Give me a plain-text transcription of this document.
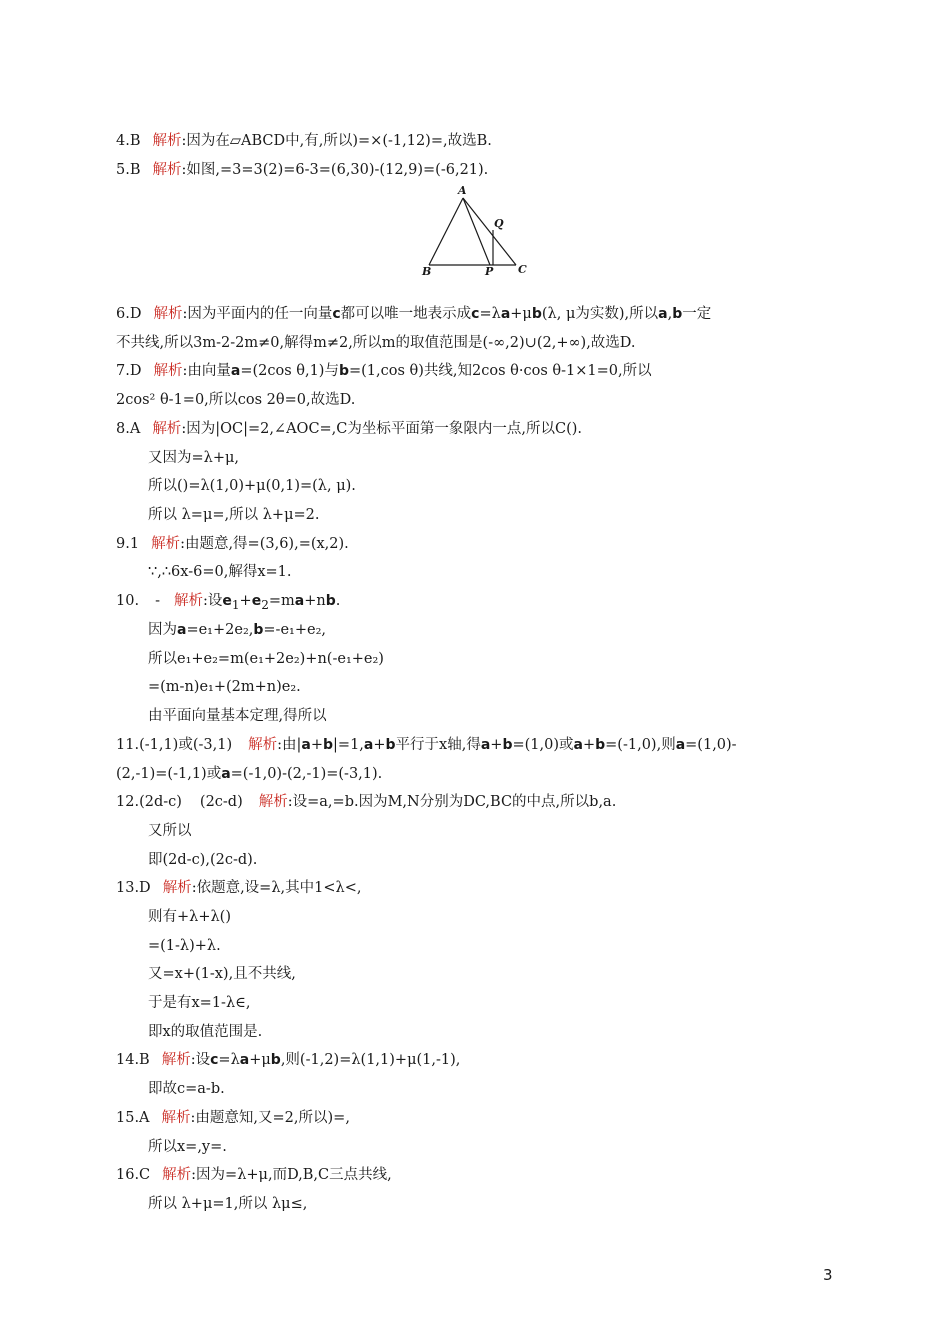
4.B 解析:因为在▱ABCD中,有,所以)=×(-1,12)=,故选B.
5.B 解析:如图,=3=3(2)=6-3=(6,30)-(12,9)=(-6,21).
A
B	C
P
Q
6.D 解析:因为平面内的任一向量c都可以唯一地表示成c=λa+μb(λ, μ为实数),所以a,b一定
不共线,所以3m-2-2m≠0,解得m≠2,所以m的取值范围是(-∞,2)∪(2,+∞),故选D.
7.D 解析:由向量a=(2cos θ,1)与b=(1,cos θ)共线,知2cos θ·cos θ-1×1=0,所以
2cos² θ-1=0,所以cos 2θ=0,故选D.
8.A 解析:因为|OC|=2,∠AOC=,C为坐标平面第一象限内一点,所以C().
又因为=λ+μ,
所以()=λ(1,0)+μ(0,1)=(λ, μ).
所以 λ=μ=,所以 λ+μ=2.
9.1 解析:由题意,得=(3,6),=(x,2).
∵,∴6x-6=0,解得x=1.
10. - 解析:设$e_1+e_2=ma+nb$.
因为a=e₁+2e₂,b=-e₁+e₂,
所以e₁+e₂=m(e₁+2e₂)+n(-e₁+e₂)
=(m-n)e₁+(2m+n)e₂.
由平面向量基本定理,得所以
11.(-1,1)或(-3,1) 解析:由|a+b|=1,a+b平行于x轴,得a+b=(1,0)或a+b=(-1,0),则a=(1,0)-
(2,-1)=(-1,1)或a=(-1,0)-(2,-1)=(-3,1).
12.(2d-c) (2c-d) 解析:设=a,=b.因为M,N分别为DC,BC的中点,所以b,a.
又所以
即(2d-c),(2c-d).
13.D 解析:依题意,设=λ,其中1<λ<,
则有+λ+λ()
=(1-λ)+λ.
又=x+(1-x),且不共线,
于是有x=1-λ∈,
即x的取值范围是.
14.B 解析:设c=λa+μb,则(-1,2)=λ(1,1)+μ(1,-1),
即故c=a-b.
15.A 解析:由题意知,又=2,所以)=,
所以x=,y=.
16.C 解析:因为=λ+μ,而D,B,C三点共线,
所以 λ+μ=1,所以 λμ≤,
3
